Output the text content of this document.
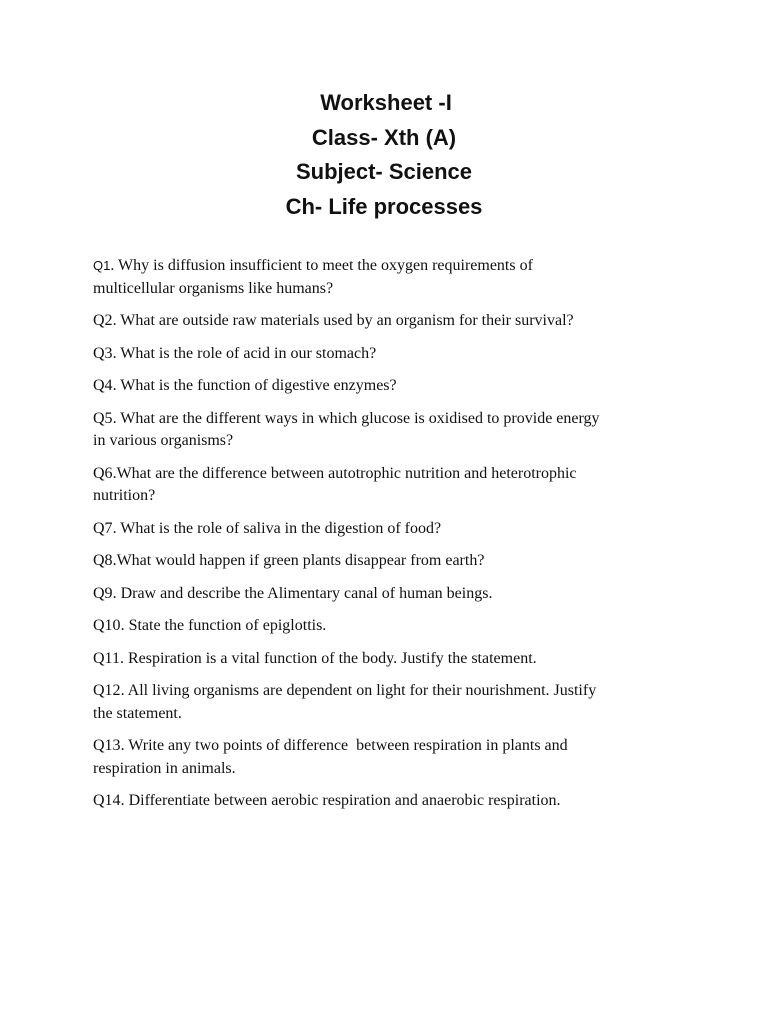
Worksheet -I
Class- Xth (A)
Subject- Science
Ch- Life processes

Q1. Why is diffusion insufficient to meet the oxygen requirements of
multicellular organisms like humans?

Q2. What are outside raw materials used by an organism for their survival?

Q3. What is the role of acid in our stomach?

Q4. What is the function of digestive enzymes?

Q5. What are the different ways in which glucose is oxidised to provide energy
in various organisms?

Q6.What are the difference between autotrophic nutrition and heterotrophic
nutrition?

Q7. What is the role of saliva in the digestion of food?

Q8.What would happen if green plants disappear from earth?

Q9. Draw and describe the Alimentary canal of human beings.

Q10. State the function of epiglottis.

Q11. Respiration is a vital function of the body. Justify the statement.

Q12. All living organisms are dependent on light for their nourishment. Justify
the statement.

Q13. Write any two points of difference  between respiration in plants and
respiration in animals.

Q14. Differentiate between aerobic respiration and anaerobic respiration.
